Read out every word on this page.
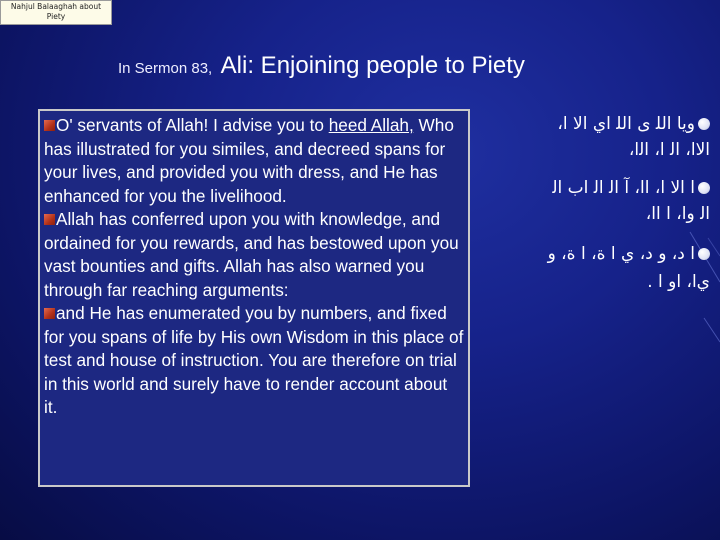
Nahjul Balaaghah about Piety
In Sermon 83, Ali: Enjoining people to Piety

O' servants of Allah! I advise you to heed Allah, Who has illustrated for you similes, and decreed spans for your lives, and provided you with dress, and He has enhanced for you the livelihood.

Allah has conferred upon you with knowledge, and ordained for you rewards, and has bestowed upon you vast bounties and gifts. Allah has also warned you through far reaching arguments:

and He has enumerated you by numbers, and fixed for you spans of life by His own Wisdom in this place of test and house of instruction. You are therefore on trial in this world and surely have to render account about it.

ويا ﺍﻟﻠ ﻯ ﺍﻟﻠ ﺍﻱ ﺍﻻ ﺍ،
ﺍﻻﺍ، ﺍﻟ ﺍ، ﺍﻟﺍ،
ﺍ ﺍﻻ ﺍ، ﺍﺍ، ﺁ ﺍﻟ ﺍﻟ ﺍﺏ ﺍﻟ
ﺍﻟ ﻭﺍ، ﺍ ﺍﺍ،
ﺍ ﺩ، ﻭ ﺩ، ﻱ ﺍ ﺓ، ﺍ ﺓ، ﻭ
ﻱﺍ، ﺍﻭ ﺍ .
